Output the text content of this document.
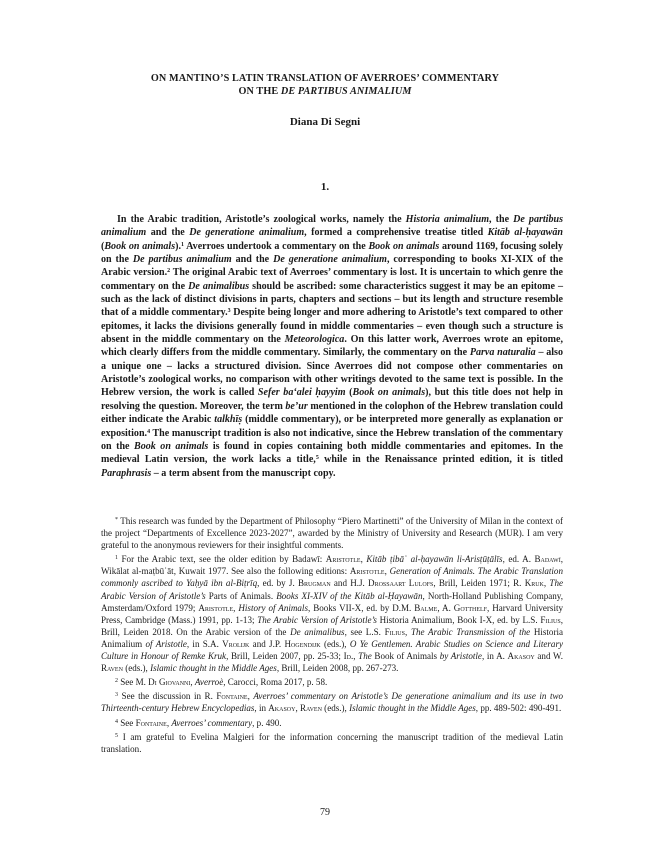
ON MANTINO’S LATIN TRANSLATION OF AVERROES’ COMMENTARY
ON THE DE PARTIBUS ANIMALIUM
Diana Di Segni
1.

In the Arabic tradition, Aristotle’s zoological works, namely the Historia animalium, the De partibus animalium and the De generatione animalium, formed a comprehensive treatise titled Kitāb al-ḥayawān (Book on animals).$^1$ Averroes undertook a commentary on the Book on animals around 1169, focusing solely on the De partibus animalium and the De generatione animalium, corresponding to books XI-XIX of the Arabic version.$^2$ The original Arabic text of Averroes’ commentary is lost. It is uncertain to which genre the commentary on the De animalibus should be ascribed: some characteristics suggest it may be an epitome – such as the lack of distinct divisions in parts, chapters and sections – but its length and structure resemble that of a middle commentary.$^3$ Despite being longer and more adhering to Aristotle’s text compared to other epitomes, it lacks the divisions generally found in middle commentaries – even though such a structure is absent in the middle commentary on the Meteorologica. On this latter work, Averroes wrote an epitome, which clearly differs from the middle commentary. Similarly, the commentary on the Parva naturalia – also a unique one – lacks a structured division. Since Averroes did not compose other commentaries on Aristotle’s zoological works, no comparison with other writings devoted to the same text is possible. In the Hebrew version, the work is called Sefer ba‘alei ḥayyim (Book on animals), but this title does not help in resolving the question. Moreover, the term be’ur mentioned in the colophon of the Hebrew translation could either indicate the Arabic talkhīṣ (middle commentary), or be interpreted more generally as explanation or exposition.$^4$ The manuscript tradition is also not indicative, since the Hebrew translation of the commentary on the Book on animals is found in copies containing both middle commentaries and epitomes. In the medieval Latin version, the work lacks a title,$^5$ while in the Renaissance printed edition, it is titled Paraphrasis – a term absent from the manuscript copy.

* This research was funded by the Department of Philosophy “Piero Martinetti” of the University of Milan in the context of the project “Departments of Excellence 2023-2027”, awarded by the Ministry of University and Research (MUR). I am very grateful to the anonymous reviewers for their insightful comments.

$^1$ For the Arabic text, see the older edition by Badawī: Aristotle, Kitāb ṭibāʿ al-ḥayawān li-Arisṭūṭālīs, ed. A. Badawī, Wikālat al-maṭbūʿāt, Kuwait 1977. See also the following editions: Aristotle, Generation of Animals. The Arabic Translation commonly ascribed to Yaḥyā ibn al-Biṭrīq, ed. by J. Brugman and H.J. Drossaart Lulofs, Brill, Leiden 1971; R. Kruk, The Arabic Version of Aristotle’s Parts of Animals. Books XI-XIV of the Kitāb al-Ḥayawān, North-Holland Publishing Company, Amsterdam/Oxford 1979; Aristotle, History of Animals, Books VII-X, ed. by D.M. Balme, A. Gotthelf, Harvard University Press, Cambridge (Mass.) 1991, pp. 1-13; The Arabic Version of Aristotle’s Historia Animalium, Book I-X, ed. by L.S. Filius, Brill, Leiden 2018. On the Arabic version of the De animalibus, see L.S. Filius, The Arabic Transmission of the Historia Animalium of Aristotle, in S.A. Vrolijk and J.P. Hogendijk (eds.), O Ye Gentlemen. Arabic Studies on Science and Literary Culture in Honour of Remke Kruk, Brill, Leiden 2007, pp. 25-33; Id., The Book of Animals by Aristotle, in A. Akasoy and W. Raven (eds.), Islamic thought in the Middle Ages, Brill, Leiden 2008, pp. 267-273.

$^2$ See M. Di Giovanni, Averroè, Carocci, Roma 2017, p. 58.

$^3$ See the discussion in R. Fontaine, Averroes’ commentary on Aristotle’s De generatione animalium and its use in two Thirteenth-century Hebrew Encyclopedias, in Akasoy, Raven (eds.), Islamic thought in the Middle Ages, pp. 489-502: 490-491.

$^4$ See Fontaine, Averroes’ commentary, p. 490.

$^5$ I am grateful to Evelina Malgieri for the information concerning the manuscript tradition of the medieval Latin translation.

79
